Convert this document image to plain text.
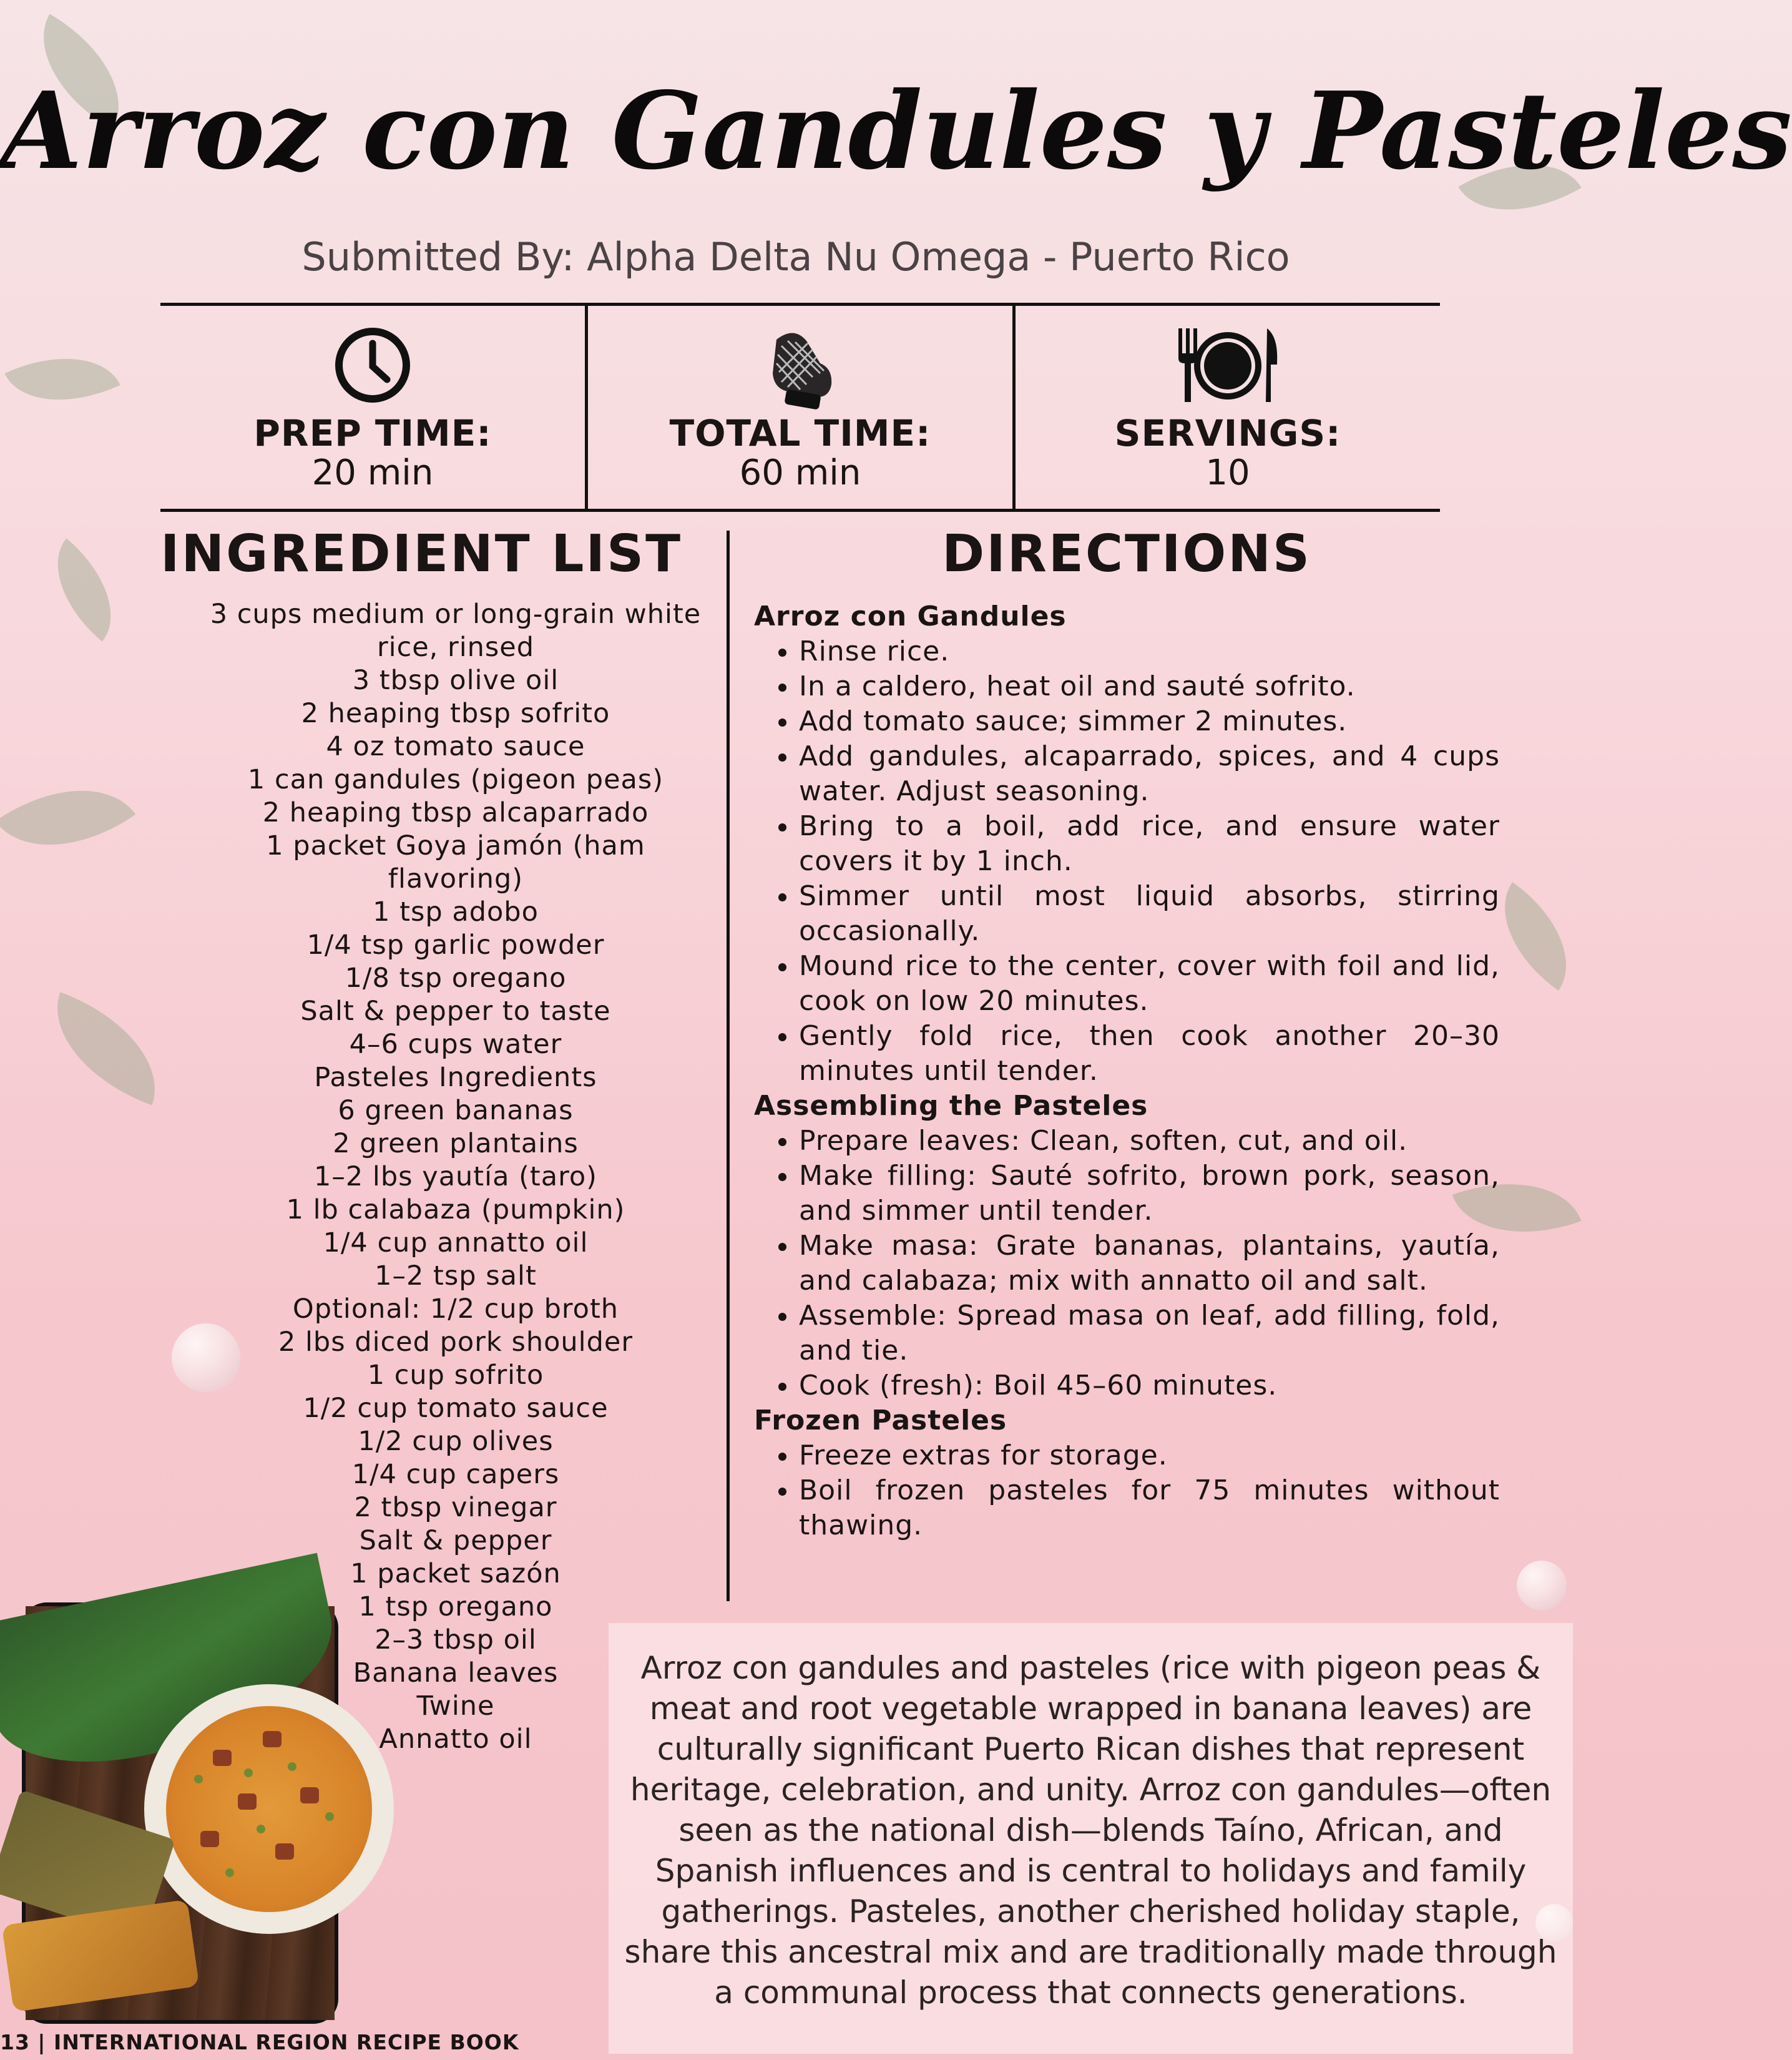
Arroz con Gandules y Pasteles

Submitted By: Alpha Delta Nu Omega - Puerto Rico

PREP TIME:
20 min
TOTAL TIME:
60 min
SERVINGS:
10
INGREDIENT LIST	DIRECTIONS
3 cups medium or long-grain white rice, rinsed
3 tbsp olive oil
2 heaping tbsp sofrito
4 oz tomato sauce
1 can gandules (pigeon peas)
2 heaping tbsp alcaparrado
1 packet Goya jamón (ham flavoring)
1 tsp adobo
1/4 tsp garlic powder
1/8 tsp oregano
Salt & pepper to taste
4–6 cups water
Pasteles Ingredients
6 green bananas
2 green plantains
1–2 lbs yautía (taro)
1 lb calabaza (pumpkin)
1/4 cup annatto oil
1–2 tsp salt
Optional: 1/2 cup broth
2 lbs diced pork shoulder
1 cup sofrito
1/2 cup tomato sauce
1/2 cup olives
1/4 cup capers
2 tbsp vinegar
Salt & pepper
1 packet sazón
1 tsp oregano
2–3 tbsp oil
Banana leaves
Twine
Annatto oil
Arroz con Gandules
• Rinse rice.
• In a caldero, heat oil and sauté sofrito.
• Add tomato sauce; simmer 2 minutes.
• Add gandules, alcaparrado, spices, and 4 cups water. Adjust seasoning.
• Bring to a boil, add rice, and ensure water covers it by 1 inch.
• Simmer until most liquid absorbs, stirring occasionally.
• Mound rice to the center, cover with foil and lid, cook on low 20 minutes.
• Gently fold rice, then cook another 20–30 minutes until tender.
Assembling the Pasteles
• Prepare leaves: Clean, soften, cut, and oil.
• Make filling: Sauté sofrito, brown pork, season, and simmer until tender.
• Make masa: Grate bananas, plantains, yautía, and calabaza; mix with annatto oil and salt.
• Assemble: Spread masa on leaf, add filling, fold, and tie.
• Cook (fresh): Boil 45–60 minutes.
Frozen Pasteles
• Freeze extras for storage.
• Boil frozen pasteles for 75 minutes without thawing.

Arroz con gandules and pasteles (rice with pigeon peas & meat and root vegetable wrapped in banana leaves) are culturally significant Puerto Rican dishes that represent heritage, celebration, and unity. Arroz con gandules—often seen as the national dish—blends Taíno, African, and Spanish influences and is central to holidays and family gatherings. Pasteles, another cherished holiday staple, share this ancestral mix and are traditionally made through a communal process that connects generations.

13 | INTERNATIONAL REGION RECIPE BOOK
